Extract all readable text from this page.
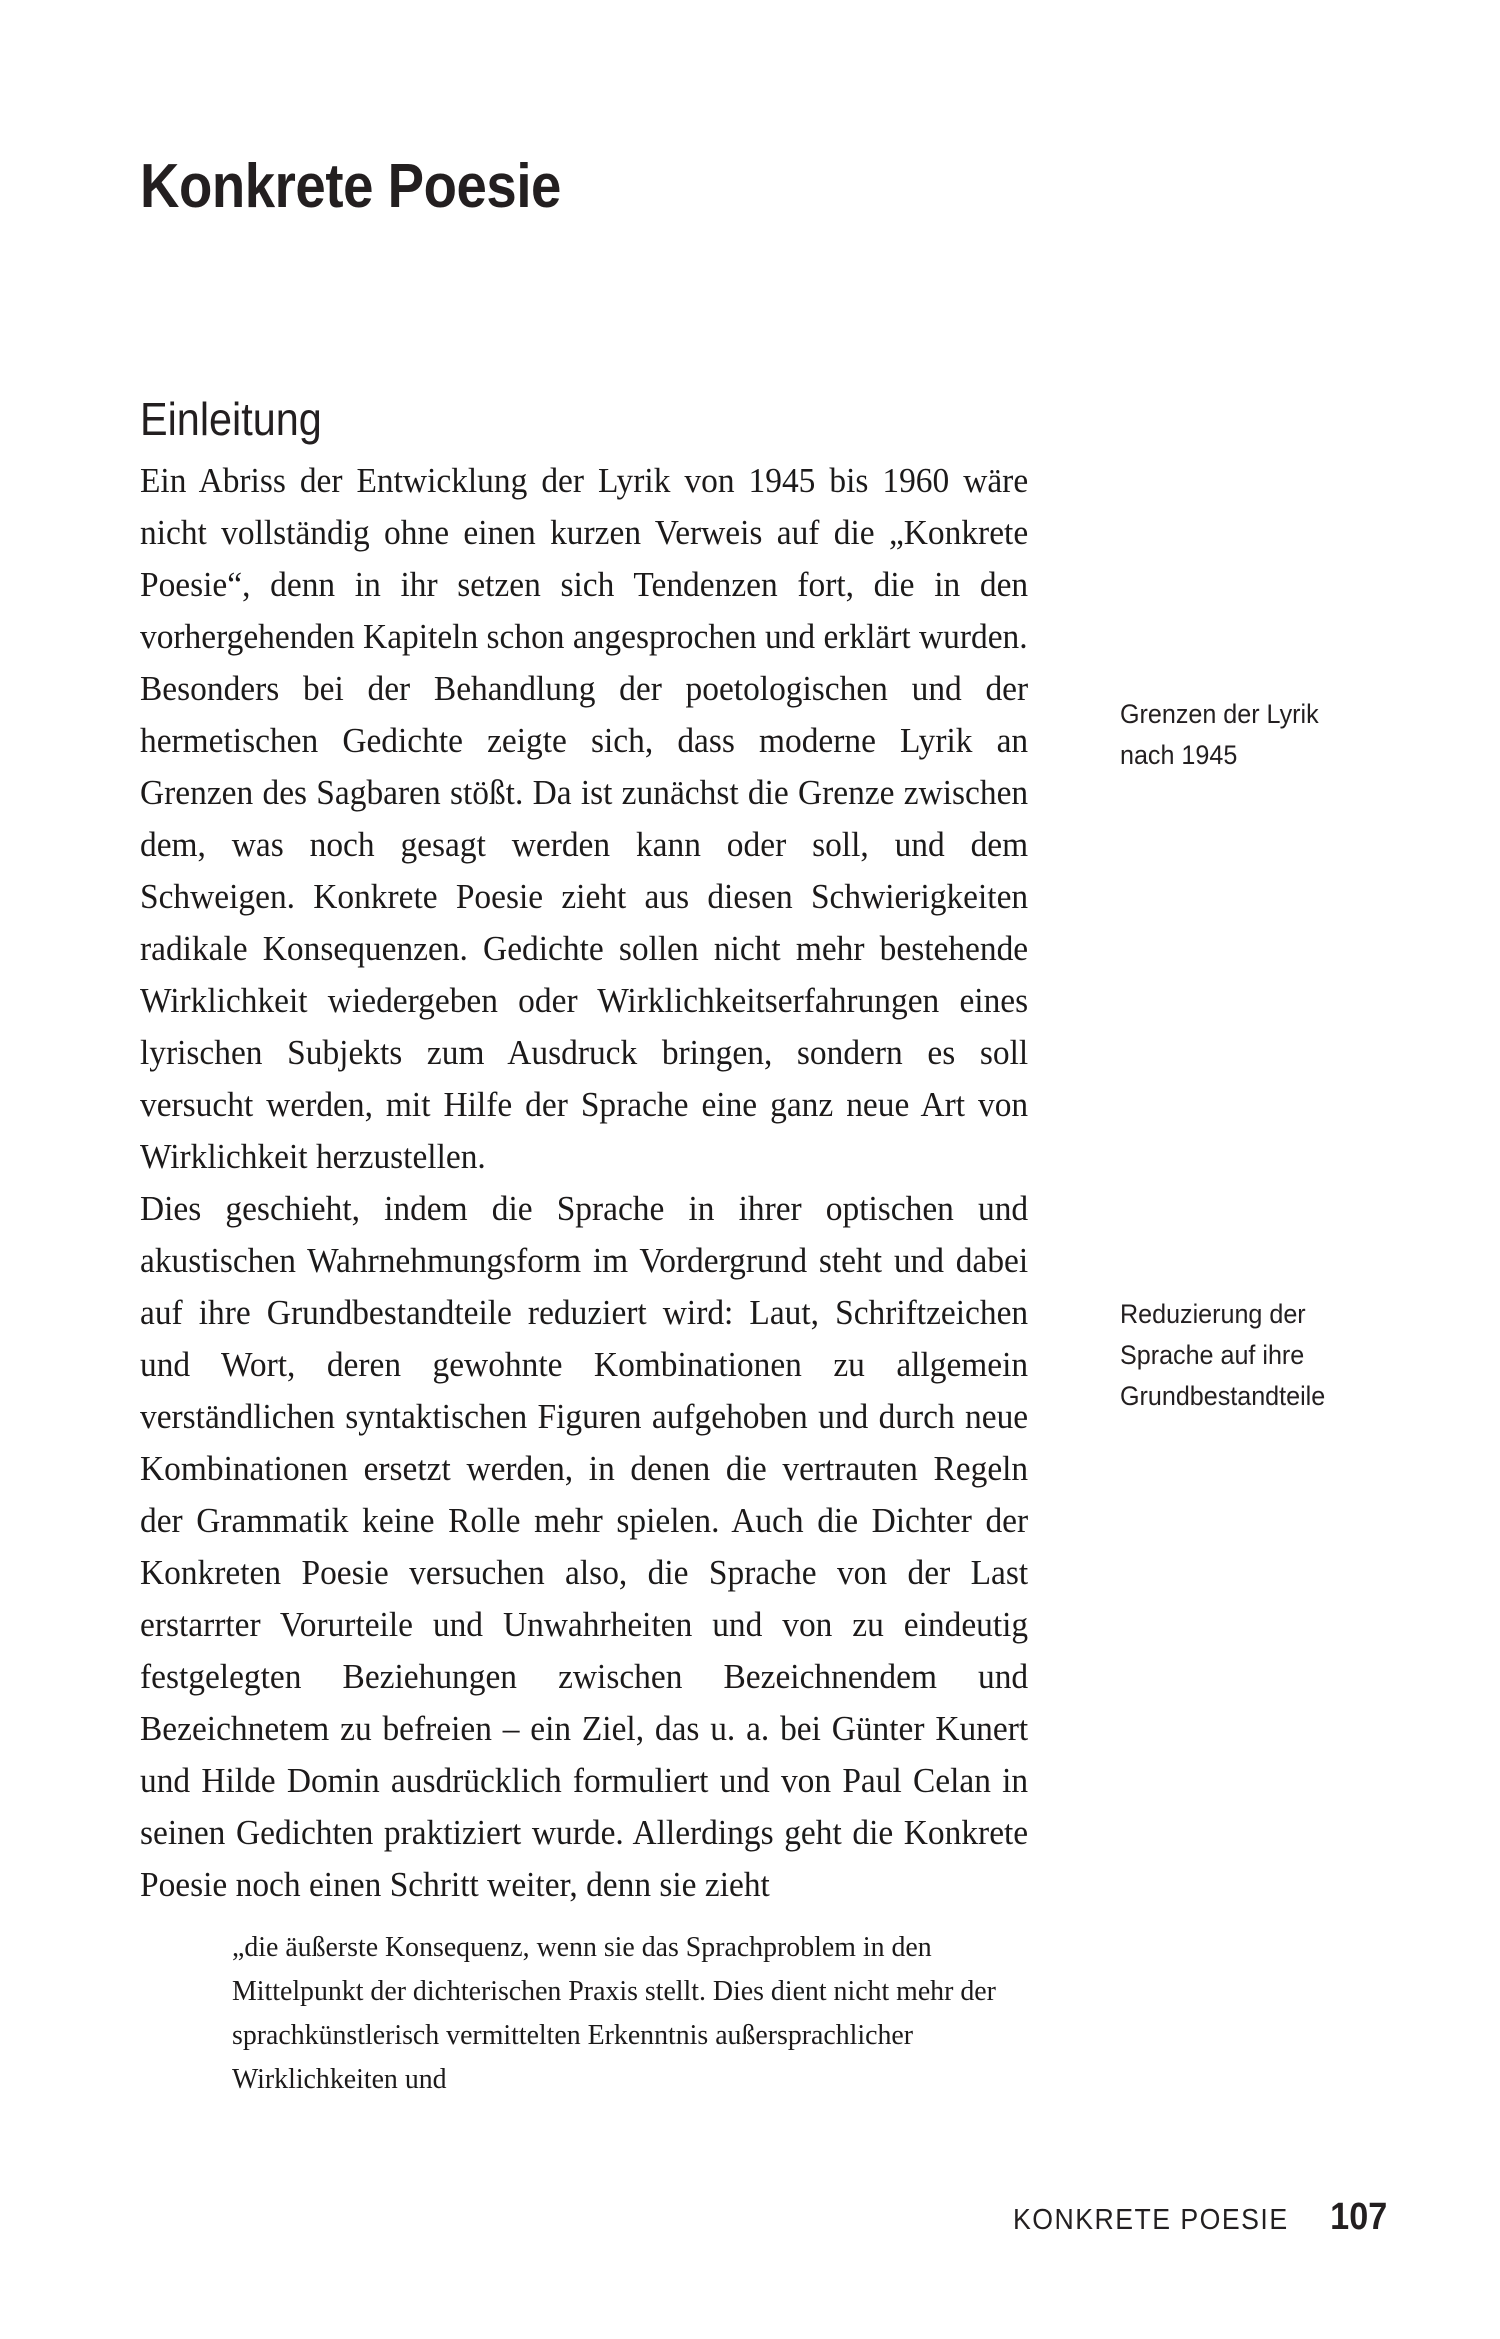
Konkrete Poesie
Einleitung

Ein Abriss der Entwicklung der Lyrik von 1945 bis 1960 wäre nicht vollständig ohne einen kurzen Verweis auf die „Konkrete Poesie“, denn in ihr setzen sich Tendenzen fort, die in den vorhergehenden Kapiteln schon angesprochen und erklärt wurden.

Besonders bei der Behandlung der poetologischen und der hermetischen Gedichte zeigte sich, dass moderne Lyrik an Grenzen des Sagbaren stößt. Da ist zunächst die Grenze zwischen dem, was noch gesagt werden kann oder soll, und dem Schweigen. Konkrete Poesie zieht aus diesen Schwierigkeiten radikale Konsequenzen. Gedichte sollen nicht mehr bestehende Wirklichkeit wiedergeben oder Wirklichkeitserfahrungen eines lyrischen Subjekts zum Ausdruck bringen, sondern es soll versucht werden, mit Hilfe der Sprache eine ganz neue Art von Wirklichkeit herzustellen.

Dies geschieht, indem die Sprache in ihrer optischen und akustischen Wahrnehmungsform im Vordergrund steht und dabei auf ihre Grundbestandteile reduziert wird: Laut, Schriftzeichen und Wort, deren gewohnte Kombinationen zu allgemein verständlichen syntaktischen Figuren aufgehoben und durch neue Kombinationen ersetzt werden, in denen die vertrauten Regeln der Grammatik keine Rolle mehr spielen. Auch die Dichter der Konkreten Poesie versuchen also, die Sprache von der Last erstarrter Vorurteile und Unwahrheiten und von zu eindeutig festgelegten Beziehungen zwischen Bezeichnendem und Bezeichnetem zu befreien – ein Ziel, das u. a. bei Günter Kunert und Hilde Domin ausdrücklich formuliert und von Paul Celan in seinen Gedichten praktiziert wurde. Allerdings geht die Konkrete Poesie noch einen Schritt weiter, denn sie zieht

„die äußerste Konsequenz, wenn sie das Sprachproblem in den Mittelpunkt der dichterischen Praxis stellt. Dies dient nicht mehr der sprachkünstlerisch vermittelten Erkenntnis außersprachlicher Wirklichkeiten und
Grenzen der Lyrik nach 1945
Reduzierung der Sprache auf ihre Grundbestandteile
KONKRETE POESIE 107
